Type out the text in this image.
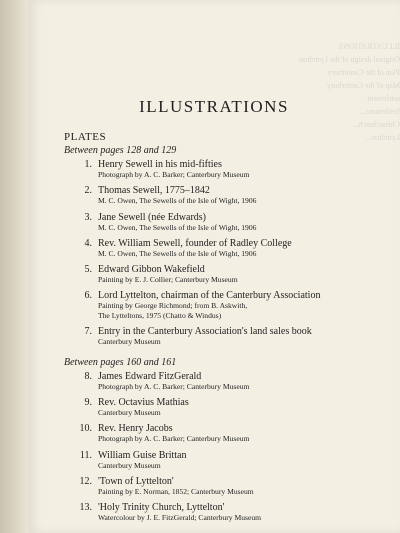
ILLUSTRATIONS
Original design of the Lyttelton
Plan of the Canterbury
Map of the Canterbury
settlement
Settlement...
Christchurch...
Lyttelton...
ILLUSTRATIONS
PLATES
Between pages 128 and 129
1. Henry Sewell in his mid-fifties
Photograph by A. C. Barker; Canterbury Museum
2. Thomas Sewell, 1775–1842
M. C. Owen, The Sewells of the Isle of Wight, 1906
3. Jane Sewell (née Edwards)
M. C. Owen, The Sewells of the Isle of Wight, 1906
4. Rev. William Sewell, founder of Radley College
M. C. Owen, The Sewells of the Isle of Wight, 1906
5. Edward Gibbon Wakefield
Painting by E. J. Collier; Canterbury Museum
6. Lord Lyttelton, chairman of the Canterbury Association
Painting by George Richmond; from B. Askwith,
The Lytteltons, 1975 (Chatto & Windus)
7. Entry in the Canterbury Association's land sales book
Canterbury Museum
Between pages 160 and 161
8. James Edward FitzGerald
Photograph by A. C. Barker; Canterbury Museum
9. Rev. Octavius Mathias
Canterbury Museum
10. Rev. Henry Jacobs
Photograph by A. C. Barker; Canterbury Museum
11. William Guise Brittan
Canterbury Museum
12. 'Town of Lyttelton'
Painting by E. Norman, 1852; Canterbury Museum
13. 'Holy Trinity Church, Lyttelton'
Watercolour by J. E. FitzGerald; Canterbury Museum
